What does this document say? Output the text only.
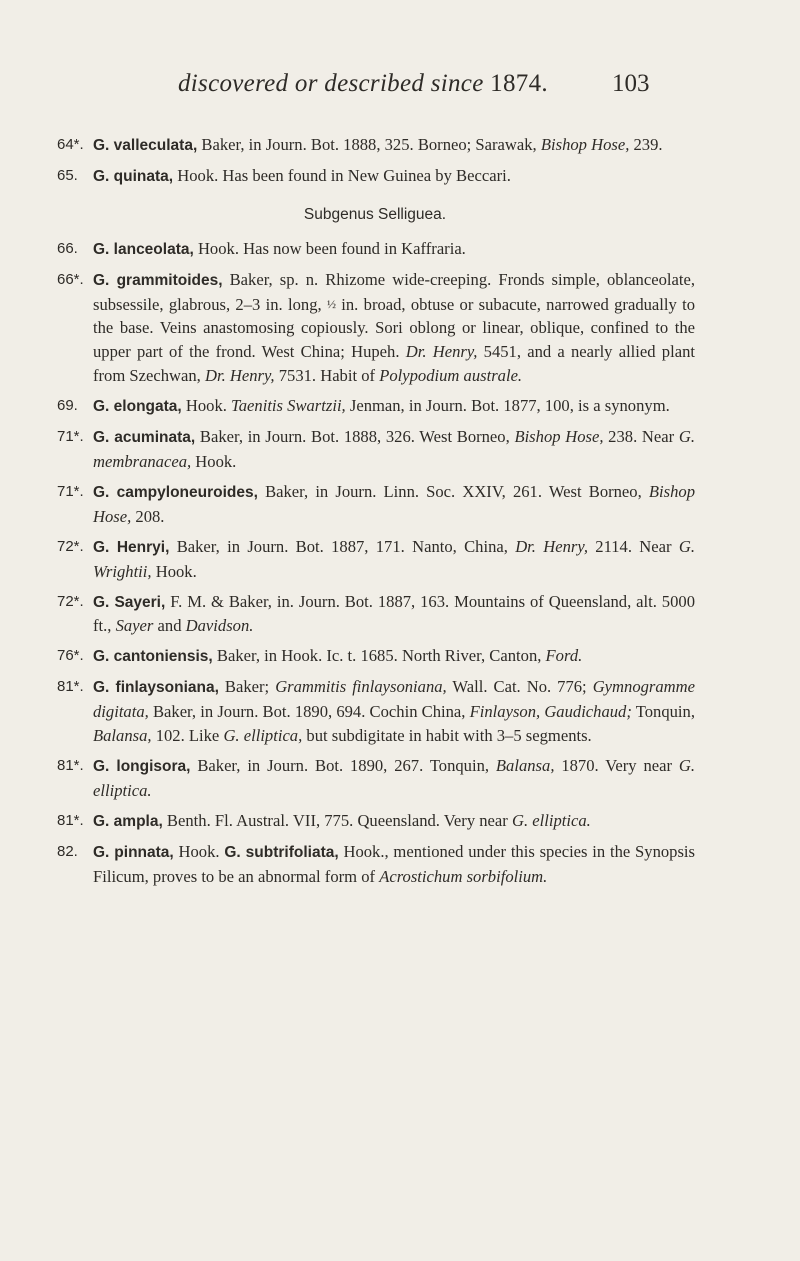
discovered or described since 1874.	103

64*. G. valleculata, Baker, in Journ. Bot. 1888, 325. Borneo; Sarawak, Bishop Hose, 239.

65. G. quinata, Hook. Has been found in New Guinea by Beccari.

Subgenus Selliguea.

66. G. lanceolata, Hook. Has now been found in Kaffraria.

66*. G. grammitoides, Baker, sp. n. Rhizome wide-creeping. Fronds simple, oblanceolate, subsessile, glabrous, 2–3 in. long, ½ in. broad, obtuse or subacute, narrowed gradually to the base. Veins anastomosing copiously. Sori oblong or linear, oblique, confined to the upper part of the frond. West China; Hupeh. Dr. Henry, 5451, and a nearly allied plant from Szechwan, Dr. Henry, 7531. Habit of Polypodium australe.

69. G. elongata, Hook. Taenitis Swartzii, Jenman, in Journ. Bot. 1877, 100, is a synonym.

71*. G. acuminata, Baker, in Journ. Bot. 1888, 326. West Borneo, Bishop Hose, 238. Near G. membranacea, Hook.

71*. G. campyloneuroides, Baker, in Journ. Linn. Soc. XXIV, 261. West Borneo, Bishop Hose, 208.

72*. G. Henryi, Baker, in Journ. Bot. 1887, 171. Nanto, China, Dr. Henry, 2114. Near G. Wrightii, Hook.

72*. G. Sayeri, F. M. & Baker, in. Journ. Bot. 1887, 163. Mountains of Queensland, alt. 5000 ft., Sayer and Davidson.

76*. G. cantoniensis, Baker, in Hook. Ic. t. 1685. North River, Canton, Ford.

81*. G. finlaysoniana, Baker; Grammitis finlaysoniana, Wall. Cat. No. 776; Gymnogramme digitata, Baker, in Journ. Bot. 1890, 694. Cochin China, Finlayson, Gaudichaud; Tonquin, Balansa, 102. Like G. elliptica, but subdigitate in habit with 3–5 segments.

81*. G. longisora, Baker, in Journ. Bot. 1890, 267. Tonquin, Balansa, 1870. Very near G. elliptica.

81*. G. ampla, Benth. Fl. Austral. VII, 775. Queensland. Very near G. elliptica.

82. G. pinnata, Hook. G. subtrifoliata, Hook., mentioned under this species in the Synopsis Filicum, proves to be an abnormal form of Acrostichum sorbifolium.
